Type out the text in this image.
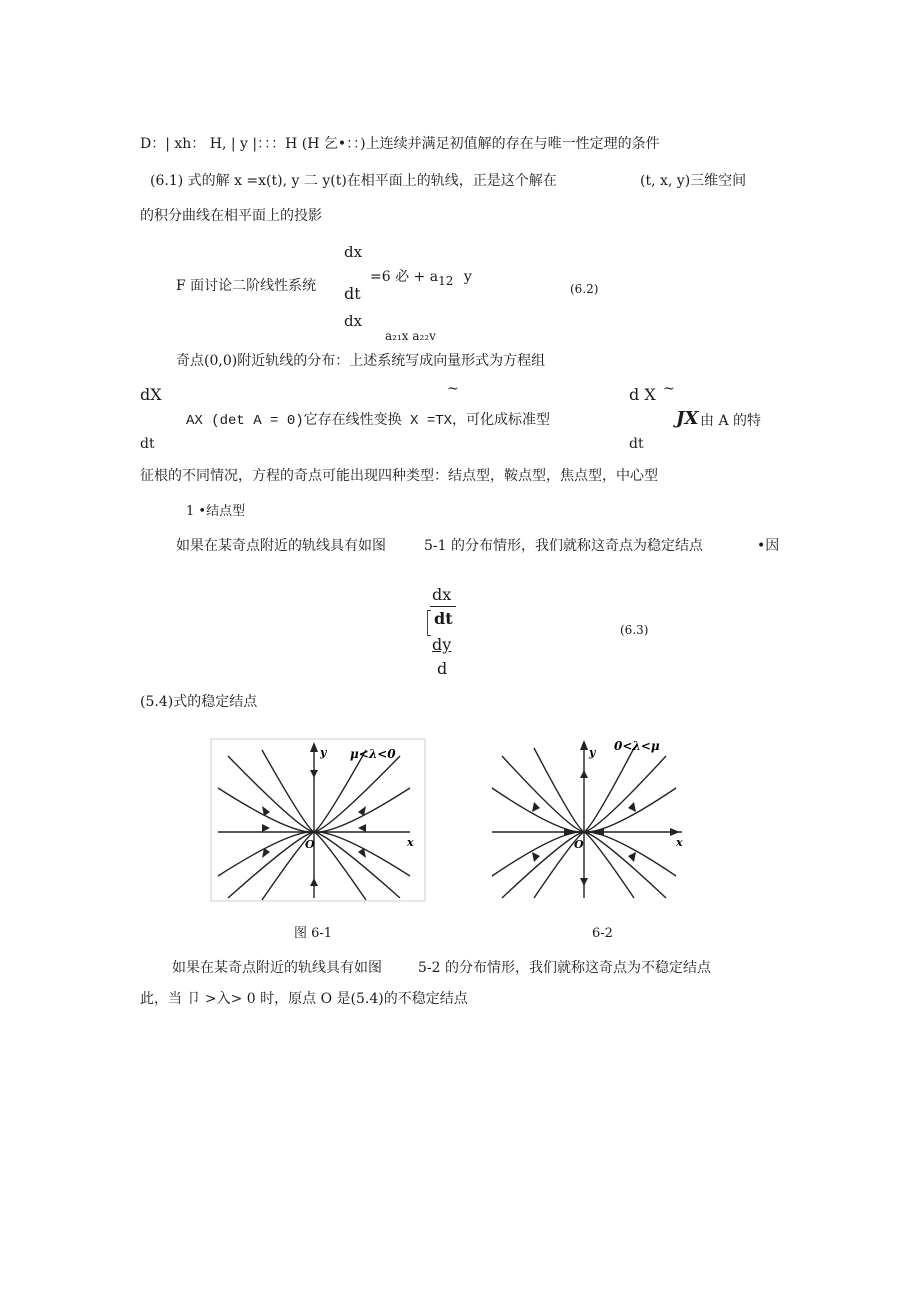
D：| xh： H, | y |：：：H (H 乞•：：)上连续并满足初值解的存在与唯一性定理的条件
(6.1) 式的解 x =x(t), y 二 y(t)在相平面上的轨线，正是这个解在	(t, x, y)三维空间
的积分曲线在相平面上的投影
dx
F 面讨论二阶线性系统 dt
=6 必 + $a_{12}$ y
(6.2)
dx
a₂₁x a₂₂v
奇点(0,0)附近轨线的分布：上述系统写成向量形式为方程组
dX	~	d X ~
AX (det A = 0)它存在线性变换 X =TX，可化成标准型	JX 由 A 的特
dt	dt
征根的不同情况，方程的奇点可能出现四种类型：结点型，鞍点型，焦点型，中心型
1 •结点型
如果在某奇点附近的轨线具有如图	5-1 的分布情形，我们就称这奇点为稳定结点	•因
dx
dt
dy
d
(6.3)
(5.4)式的稳定结点
μ<λ<0
y
x
O
图 6-1
0<λ<μ
y
x
O
6-2
如果在某奇点附近的轨线具有如图	5-2 的分布情形，我们就称这奇点为不稳定结点
此，当 卩 >入> 0 时，原点 O 是(5.4)的不稳定结点
